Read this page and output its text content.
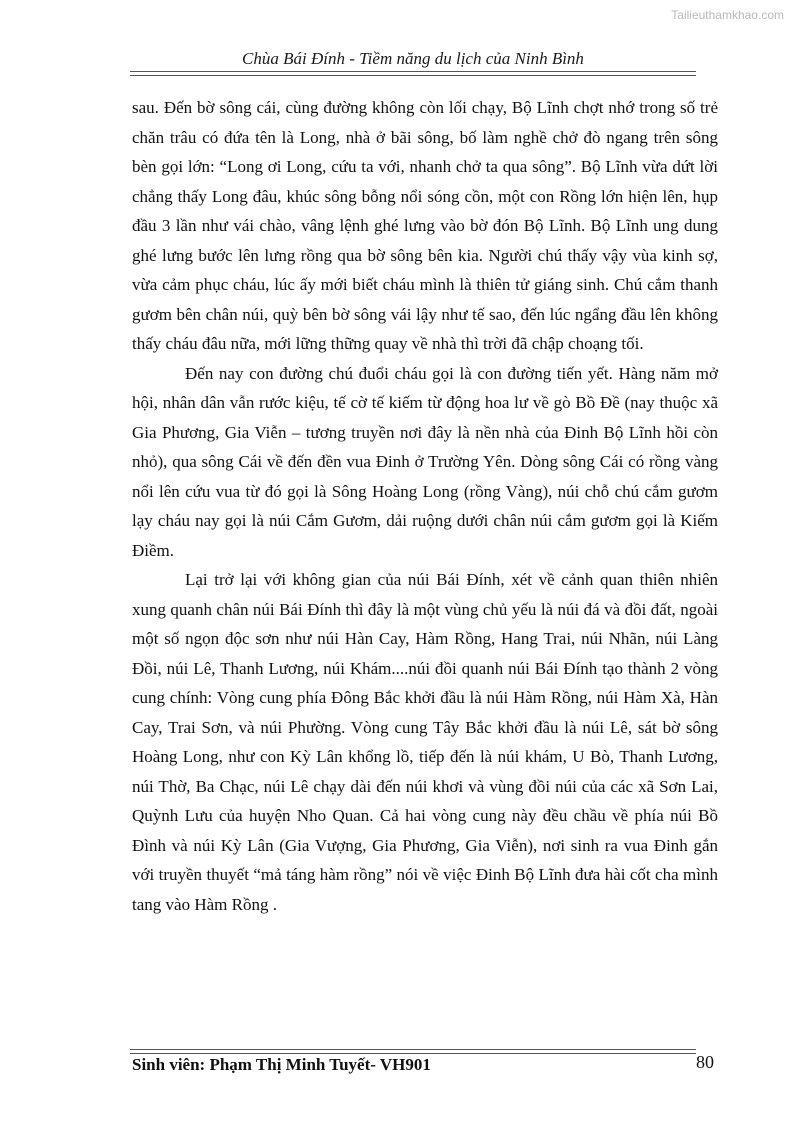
Tailieuthamkhao.com
Chùa Bái Đính - Tiềm năng du lịch của Ninh Bình

sau. Đến bờ sông cái, cùng đường không còn lối chạy, Bộ Lĩnh chợt nhớ trong số trẻ chăn trâu có đứa tên là Long, nhà ở bãi sông, bố làm nghề chở đò ngang trên sông bèn gọi lớn: “Long ơi Long, cứu ta với, nhanh chở ta qua sông”. Bộ Lĩnh vừa dứt lời chẳng thấy Long đâu, khúc sông bỗng nổi sóng cồn, một con Rồng lớn hiện lên, hụp đầu 3 lần như vái chào, vâng lệnh ghé lưng vào bờ đón Bộ Lĩnh. Bộ Lĩnh ung dung ghé lưng bước lên lưng rồng qua bờ sông bên kia. Người chú thấy vậy vùa kinh sợ, vừa cảm phục cháu, lúc ấy mới biết cháu mình là thiên tử giáng sinh. Chú cắm thanh gươm bên chân núi, quỳ bên bờ sông vái lậy như tế sao, đến lúc ngẩng đầu lên không thấy cháu đâu nữa, mới lững thững quay về nhà thì trời đã chập choạng tối.

Đến nay con đường chú đuổi cháu gọi là con đường tiến yết. Hàng năm mở hội, nhân dân vẫn rước kiệu, tế cờ tế kiếm từ động hoa lư về gò Bồ Đề (nay thuộc xã Gia Phương, Gia Viễn – tương truyền nơi đây là nền nhà của Đinh Bộ Lĩnh hồi còn nhỏ), qua sông Cái về đến đền vua Đinh ở Trường Yên. Dòng sông Cái có rồng vàng nổi lên cứu vua từ đó gọi là Sông Hoàng Long (rồng Vàng), núi chỗ chú cắm gươm lạy cháu nay gọi là núi Cắm Gươm, dải ruộng dưới chân núi cắm gươm gọi là Kiếm Điềm.

Lại trở lại với không gian của núi Bái Đính, xét về cảnh quan thiên nhiên xung quanh chân núi Bái Đính thì đây là một vùng chủ yếu là núi đá và đồi đất, ngoài một số ngọn độc sơn như núi Hàn Cay, Hàm Rồng, Hang Trai, núi Nhãn, núi Làng Đồi, núi Lê, Thanh Lương, núi Khám....núi đồi quanh núi Bái Đính tạo thành 2 vòng cung chính: Vòng cung phía Đông Bắc khởi đầu là núi Hàm Rồng, núi Hàm Xà, Hàn Cay, Trai Sơn, và núi Phường. Vòng cung Tây Bắc khởi đầu là núi Lê, sát bờ sông Hoàng Long, như con Kỳ Lân khổng lồ, tiếp đến là núi khám, U Bò, Thanh Lương, núi Thờ, Ba Chạc, núi Lê chạy dài đến núi khơi và vùng đồi núi của các xã Sơn Lai, Quỳnh Lưu của huyện Nho Quan. Cả hai vòng cung này đều chầu về phía núi Bồ Đình và núi Kỳ Lân (Gia Vượng, Gia Phương, Gia Viễn), nơi sinh ra vua Đinh gắn với truyền thuyết “mả táng hàm rồng” nói về việc Đinh Bộ Lĩnh đưa hài cốt cha mình tang vào Hàm Rồng .

Sinh viên: Phạm Thị Minh Tuyết- VH901	80
